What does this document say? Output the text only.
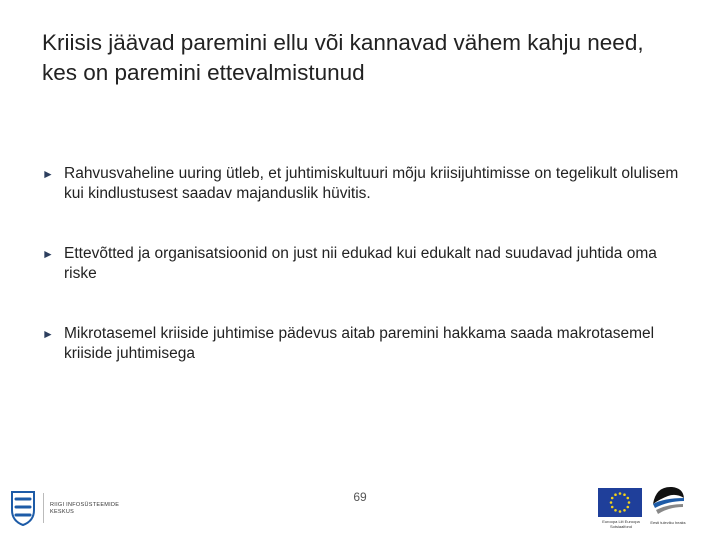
Kriisis jäävad paremini ellu või kannavad vähem kahju need, kes on paremini ettevalmistunud
► Rahvusvaheline uuring ütleb, et juhtimiskultuuri mõju kriisijuhtimisse on tegelikult olulisem kui kindlustusest saadav majanduslik hüvitis.
► Ettevõtted ja organisatsioonid on just nii edukad kui edukalt nad suudavad juhtida oma riske
► Mikrotasemel kriiside juhtimise pädevus aitab paremini hakkama saada makrotasemel kriiside juhtimisega
69
RIIGI INFOSÜSTEEMIDE KESKUS
Euroopa Liit Euroopa Sotsiaalfond
Eesti tuleviku heaks
